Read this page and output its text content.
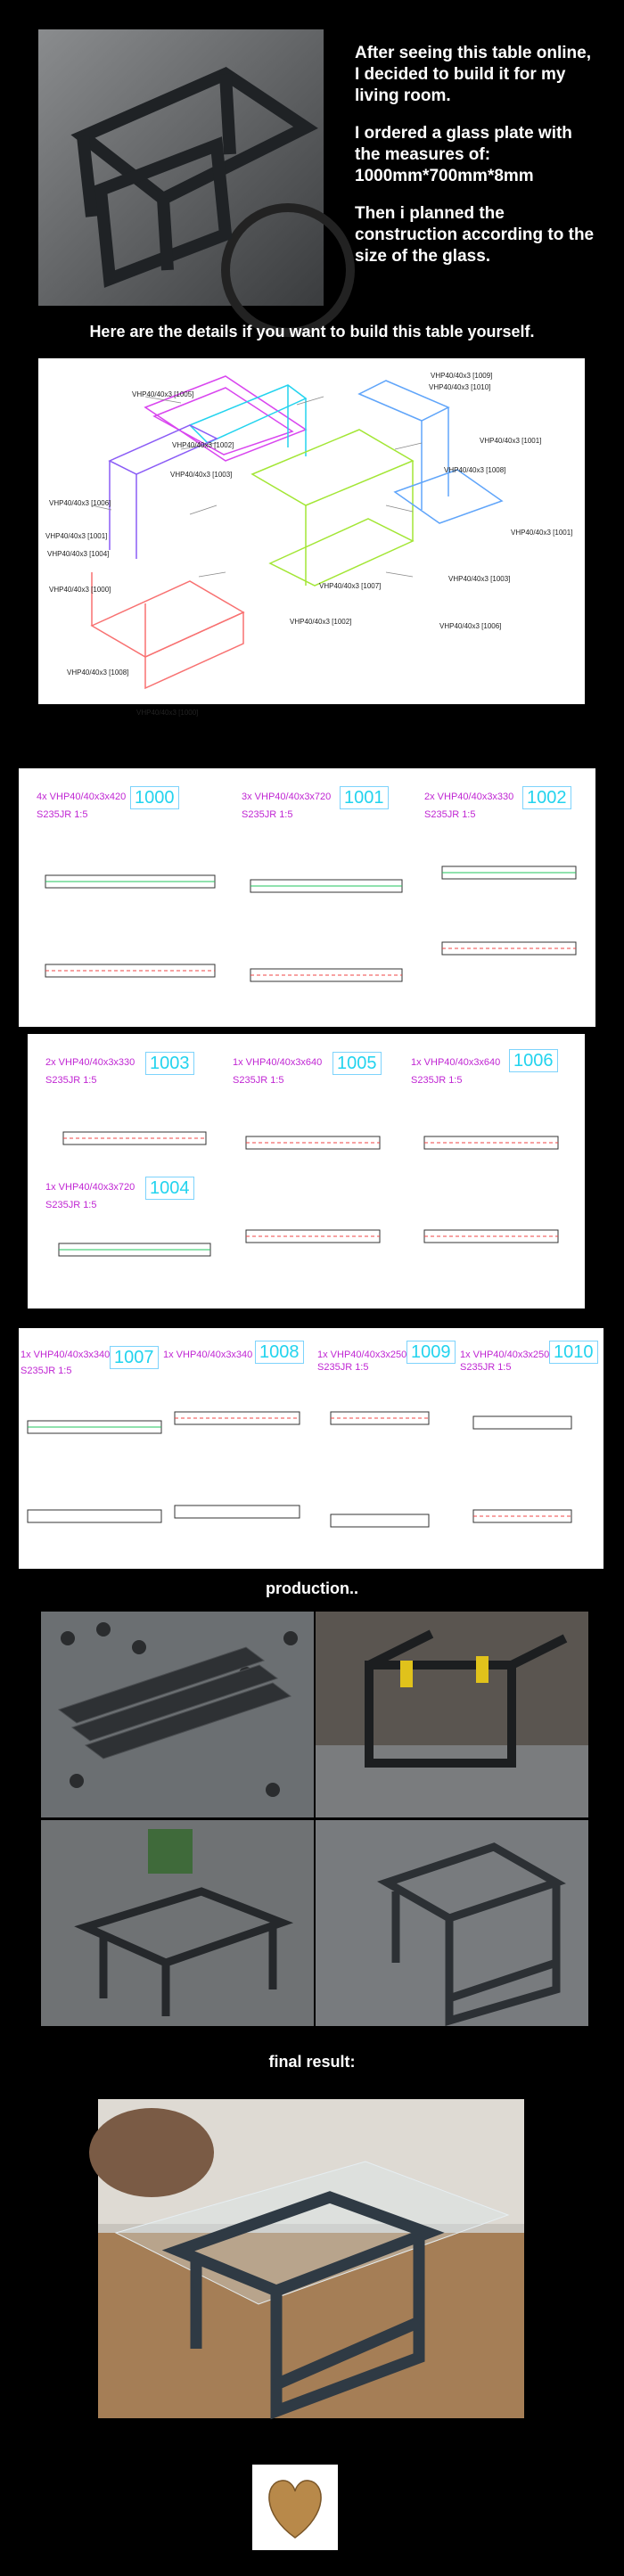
After seeing this table online, I decided to build it for my living room.

I ordered a glass plate with the measures of: 1000mm*700mm*8mm

Then i planned the construction according to the size of the glass.

Here are the details if you want to build this table yourself.
VHP40/40x3 [1005]
VHP40/40x3 [1002]
VHP40/40x3 [1003]
VHP40/40x3 [1006]
VHP40/40x3 [1001]
VHP40/40x3 [1004]
VHP40/40x3 [1000]
VHP40/40x3 [1008]
VHP40/40x3 [1000]
VHP40/40x3 [1009]
VHP40/40x3 [1010]
VHP40/40x3 [1001]
VHP40/40x3 [1008]
VHP40/40x3 [1001]
VHP40/40x3 [1003]
VHP40/40x3 [1006]
VHP40/40x3 [1007]
VHP40/40x3 [1002]
4x VHP40/40x3x420 1000
S235JR 1:5
3x VHP40/40x3x720 1001
S235JR 1:5
2x VHP40/40x3x330 1002
S235JR 1:5
2x VHP40/40x3x330 1003
S235JR 1:5
1x VHP40/40x3x640 1005
S235JR 1:5
1x VHP40/40x3x640 1006
S235JR 1:5
1x VHP40/40x3x720 1004
S235JR 1:5
1x VHP40/40x3x340 1007
S235JR 1:5
1x VHP40/40x3x340 1008	1x VHP40/40x3x250 1009
S235JR 1:5
1x VHP40/40x3x250 1010
S235JR 1:5
production..
final result:
